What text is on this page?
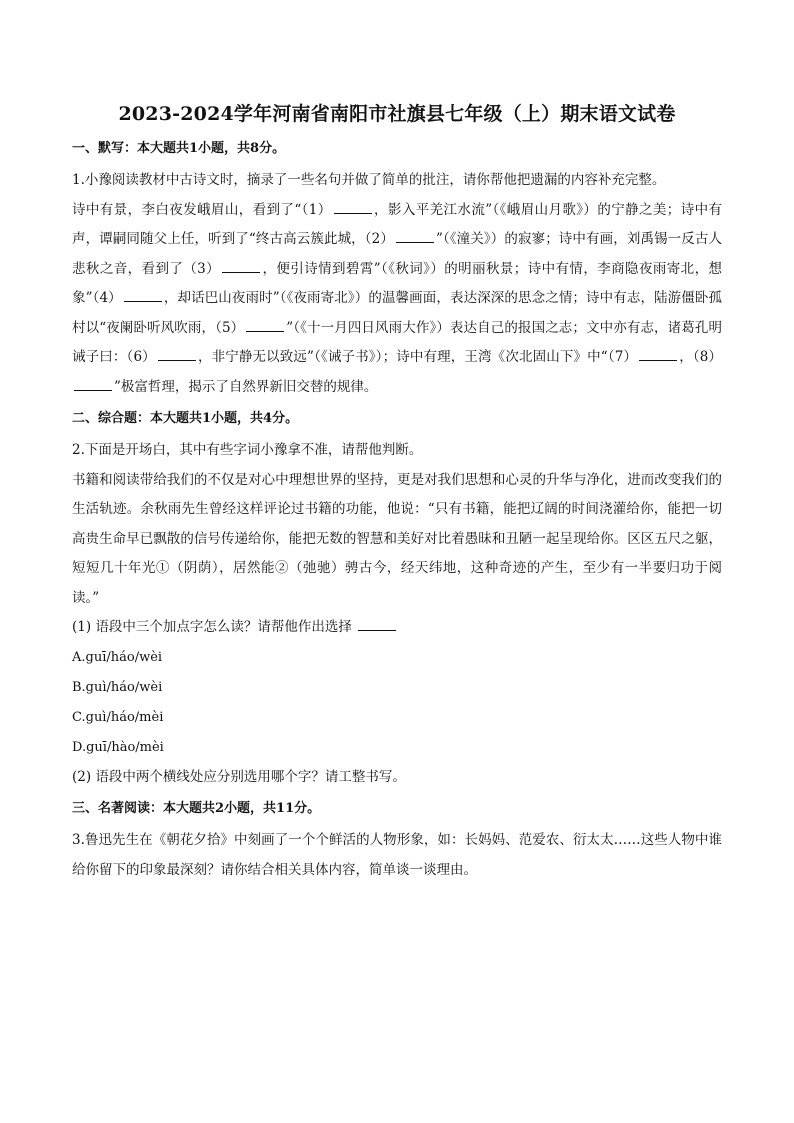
2023-2024学年河南省南阳市社旗县七年级（上）期末语文试卷
一、默写：本大题共1小题，共8分。

1.小豫阅读教材中古诗文时，摘录了一些名句并做了简单的批注，请你帮他把遗漏的内容补充完整。

诗中有景，李白夜发峨眉山，看到了“（1）	，影入平羌江水流”（《峨眉山月歌》）的宁静之美；诗中有声，谭嗣同随父上任，听到了“终古高云簇此城，（2）	”（《潼关》）的寂寥；诗中有画，刘禹锡一反古人悲秋之音，看到了（3）	，便引诗情到碧霄”（《秋词》）的明丽秋景；诗中有情，李商隐夜雨寄北，想象”（4）	，却话巴山夜雨时”（《夜雨寄北》）的温馨画面，表达深深的思念之情；诗中有志，陆游僵卧孤村以“夜阑卧听风吹雨，（5）	”（《十一月四日风雨大作》）表达自己的报国之志；文中亦有志，诸葛孔明诫子曰：（6）	，非宁静无以致远”（《诫子书》）；诗中有理，王湾《次北固山下》中“（7）	，（8）”极富哲理，揭示了自然界新旧交替的规律。

二、综合题：本大题共1小题，共4分。

2.下面是开场白，其中有些字词小豫拿不准，请帮他判断。

书籍和阅读带给我们的不仅是对心中理想世界的坚持，更是对我们思想和心灵的升华与净化，进而改变我们的生活轨迹。余秋雨先生曾经这样评论过书籍的功能，他说：“只有书籍，能把辽阔的时间浇灌给你，能把一切高贵生命早已飘散的信号传递给你，能把无数的智慧和美好对比着愚昧和丑陋一起呈现给你。区区五尺之躯，短短几十年光①（阴荫），居然能②（弛驰）骋古今，经天纬地，这种奇迹的产生，至少有一半要归功于阅读。”

(1) 语段中三个加点字怎么读？请帮他作出选择

A.guī/háo/wèi

B.guì/háo/wèi

C.guì/háo/mèi

D.guī/hào/mèi

(2) 语段中两个横线处应分别选用哪个字？请工整书写。

三、名著阅读：本大题共2小题，共11分。

3.鲁迅先生在《朝花夕拾》中刻画了一个个鲜活的人物形象，如：长妈妈、范爱农、衍太太……这些人物中谁给你留下的印象最深刻？请你结合相关具体内容，简单谈一谈理由。
